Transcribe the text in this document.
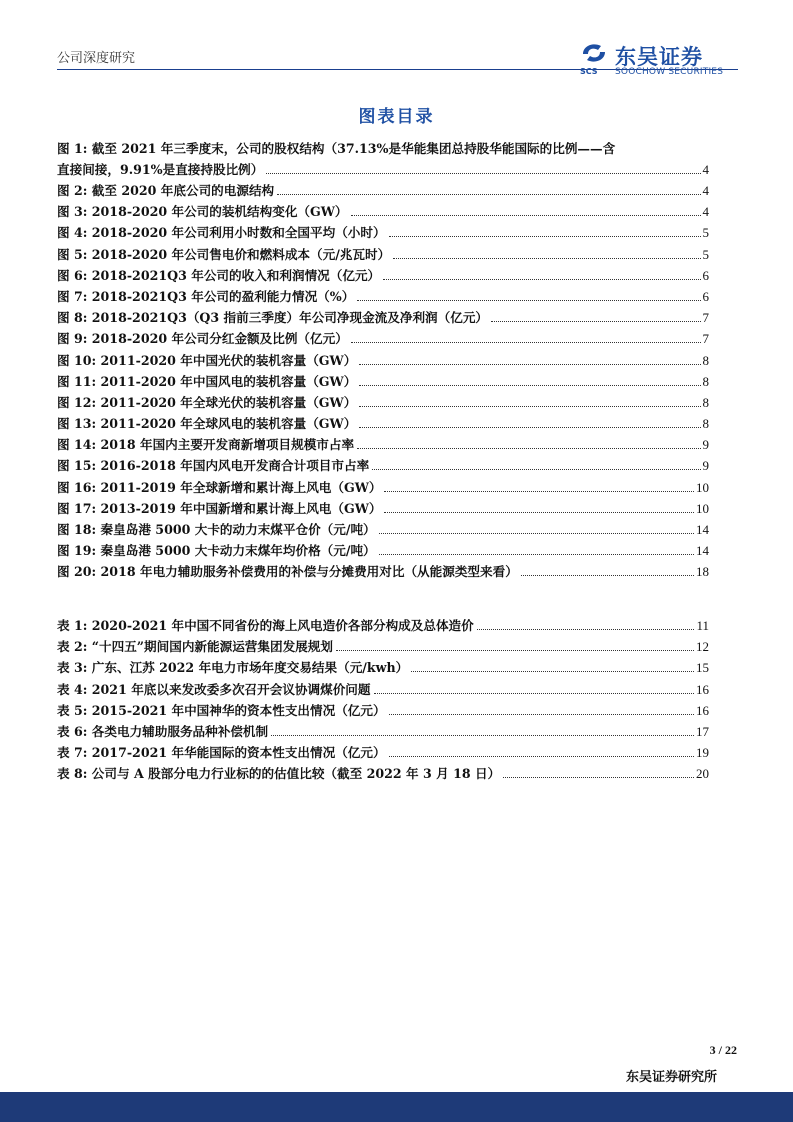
公司深度研究
SCS
东吴证券
SOOCHOW SECURITIES
图表目录
图 1: 截至 2021 年三季度末，公司的股权结构（37.13%是华能集团总持股华能国际的比例——含
直接间接，9.91%是直接持股比例）	4
图 2: 截至 2020 年底公司的电源结构	4
图 3: 2018-2020 年公司的装机结构变化（GW）	4
图 4: 2018-2020 年公司利用小时数和全国平均（小时）	5
图 5: 2018-2020 年公司售电价和燃料成本（元/兆瓦时）	5
图 6: 2018-2021Q3 年公司的收入和利润情况（亿元）	6
图 7: 2018-2021Q3 年公司的盈利能力情况（%）	6
图 8: 2018-2021Q3（Q3 指前三季度）年公司净现金流及净利润（亿元）	7
图 9: 2018-2020 年公司分红金额及比例（亿元）	7
图 10: 2011-2020 年中国光伏的装机容量（GW）	8
图 11: 2011-2020 年中国风电的装机容量（GW）	8
图 12: 2011-2020 年全球光伏的装机容量（GW）	8
图 13: 2011-2020 年全球风电的装机容量（GW）	8
图 14: 2018 年国内主要开发商新增项目规模市占率	9
图 15: 2016-2018 年国内风电开发商合计项目市占率	9
图 16: 2011-2019 年全球新增和累计海上风电（GW）	10
图 17: 2013-2019 年中国新增和累计海上风电（GW）	10
图 18: 秦皇岛港 5000 大卡的动力末煤平仓价（元/吨）	14
图 19: 秦皇岛港 5000 大卡动力末煤年均价格（元/吨）	14
图 20: 2018 年电力辅助服务补偿费用的补偿与分摊费用对比（从能源类型来看）	18
表 1: 2020-2021 年中国不同省份的海上风电造价各部分构成及总体造价	11
表 2: “十四五”期间国内新能源运营集团发展规划	12
表 3: 广东、江苏 2022 年电力市场年度交易结果（元/kwh）	15
表 4: 2021 年底以来发改委多次召开会议协调煤价问题	16
表 5: 2015-2021 年中国神华的资本性支出情况（亿元）	16
表 6: 各类电力辅助服务品种补偿机制	17
表 7: 2017-2021 年华能国际的资本性支出情况（亿元）	19
表 8: 公司与 A 股部分电力行业标的的估值比较（截至 2022 年 3 月 18 日）	20
3 / 22
东吴证券研究所
